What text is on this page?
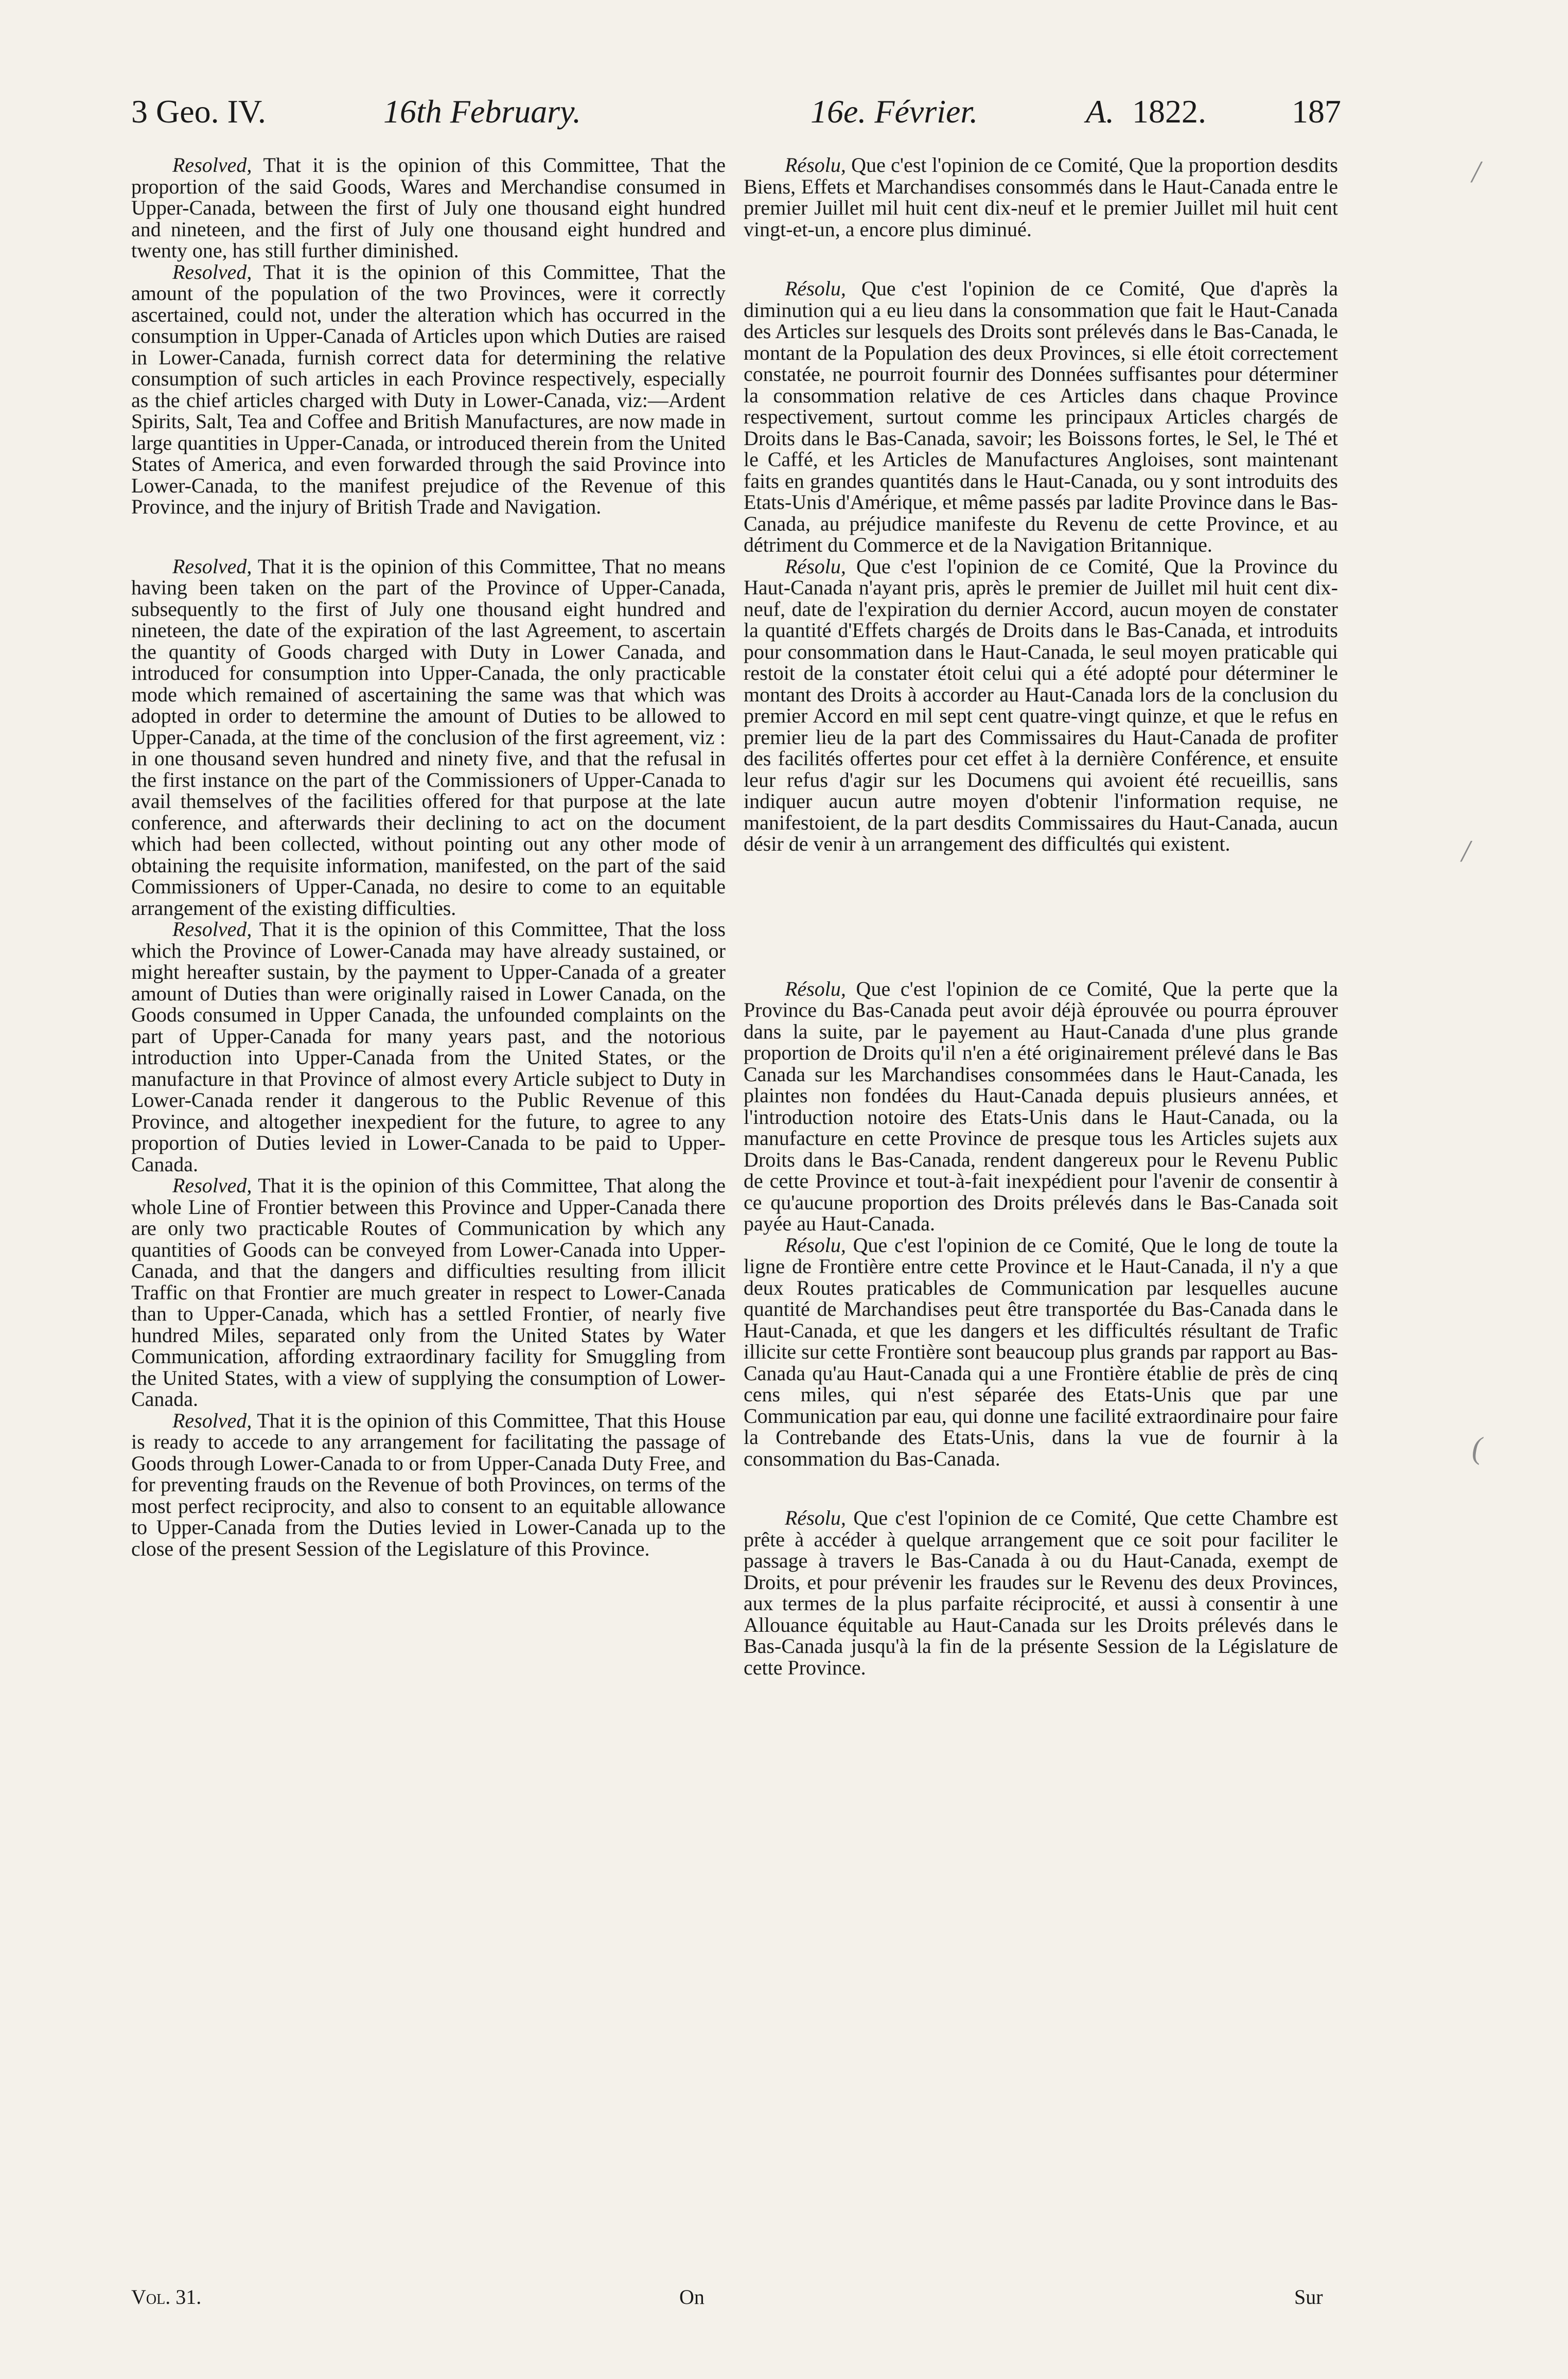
3 Geo. IV.	16th February.	16e. Février.	A. 1822.	187

Resolved, That it is the opinion of this Committee, That the proportion of the said Goods, Wares and Merchandise consumed in Upper-Canada, between the first of July one thousand eight hundred and nineteen, and the first of July one thousand eight hundred and twenty one, has still further diminished.

Resolved, That it is the opinion of this Committee, That the amount of the population of the two Provinces, were it correctly ascertained, could not, under the alteration which has occurred in the consumption in Upper-Canada of Articles upon which Duties are raised in Lower-Canada, furnish correct data for determining the relative consumption of such articles in each Province respectively, especially as the chief articles charged with Duty in Lower-Canada, viz:—Ardent Spirits, Salt, Tea and Coffee and British Manufactures, are now made in large quantities in Upper-Canada, or introduced therein from the United States of America, and even forwarded through the said Province into Lower-Canada, to the manifest prejudice of the Revenue of this Province, and the injury of British Trade and Navigation.

Resolved, That it is the opinion of this Committee, That no means having been taken on the part of the Province of Upper-Canada, subsequently to the first of July one thousand eight hundred and nineteen, the date of the expiration of the last Agreement, to ascertain the quantity of Goods charged with Duty in Lower Canada, and introduced for consumption into Upper-Canada, the only practicable mode which remained of ascertaining the same was that which was adopted in order to determine the amount of Duties to be allowed to Upper-Canada, at the time of the conclusion of the first agreement, viz : in one thousand seven hundred and ninety five, and that the refusal in the first instance on the part of the Commissioners of Upper-Canada to avail themselves of the facilities offered for that purpose at the late conference, and afterwards their declining to act on the document which had been collected, without pointing out any other mode of obtaining the requisite information, manifested, on the part of the said Commissioners of Upper-Canada, no desire to come to an equitable arrangement of the existing difficulties.

Resolved, That it is the opinion of this Committee, That the loss which the Province of Lower-Canada may have already sustained, or might hereafter sustain, by the payment to Upper-Canada of a greater amount of Duties than were originally raised in Lower Canada, on the Goods consumed in Upper Canada, the unfounded complaints on the part of Upper-Canada for many years past, and the notorious introduction into Upper-Canada from the United States, or the manufacture in that Province of almost every Article subject to Duty in Lower-Canada render it dangerous to the Public Revenue of this Province, and altogether inexpedient for the future, to agree to any proportion of Duties levied in Lower-Canada to be paid to Upper-Canada.

Resolved, That it is the opinion of this Committee, That along the whole Line of Frontier between this Province and Upper-Canada there are only two practicable Routes of Communication by which any quantities of Goods can be conveyed from Lower-Canada into Upper-Canada, and that the dangers and difficulties resulting from illicit Traffic on that Frontier are much greater in respect to Lower-Canada than to Upper-Canada, which has a settled Frontier, of nearly five hundred Miles, separated only from the United States by Water Communication, affording extraordinary facility for Smuggling from the United States, with a view of supplying the consumption of Lower-Canada.

Resolved, That it is the opinion of this Committee, That this House is ready to accede to any arrangement for facilitating the passage of Goods through Lower-Canada to or from Upper-Canada Duty Free, and for preventing frauds on the Revenue of both Provinces, on terms of the most perfect reciprocity, and also to consent to an equitable allowance to Upper-Canada from the Duties levied in Lower-Canada up to the close of the present Session of the Legislature of this Province.

Résolu, Que c'est l'opinion de ce Comité, Que la proportion desdits Biens, Effets et Marchandises consommés dans le Haut-Canada entre le premier Juillet mil huit cent dix-neuf et le premier Juillet mil huit cent vingt-et-un, a encore plus diminué.

Résolu, Que c'est l'opinion de ce Comité, Que d'après la diminution qui a eu lieu dans la consommation que fait le Haut-Canada des Articles sur lesquels des Droits sont prélevés dans le Bas-Canada, le montant de la Population des deux Provinces, si elle étoit correctement constatée, ne pourroit fournir des Données suffisantes pour déterminer la consommation relative de ces Articles dans chaque Province respectivement, surtout comme les principaux Articles chargés de Droits dans le Bas-Canada, savoir; les Boissons fortes, le Sel, le Thé et le Caffé, et les Articles de Manufactures Angloises, sont maintenant faits en grandes quantités dans le Haut-Canada, ou y sont introduits des Etats-Unis d'Amérique, et même passés par ladite Province dans le Bas-Canada, au préjudice manifeste du Revenu de cette Province, et au détriment du Commerce et de la Navigation Britannique.

Résolu, Que c'est l'opinion de ce Comité, Que la Province du Haut-Canada n'ayant pris, après le premier de Juillet mil huit cent dix-neuf, date de l'expiration du dernier Accord, aucun moyen de constater la quantité d'Effets chargés de Droits dans le Bas-Canada, et introduits pour consommation dans le Haut-Canada, le seul moyen praticable qui restoit de la constater étoit celui qui a été adopté pour déterminer le montant des Droits à accorder au Haut-Canada lors de la conclusion du premier Accord en mil sept cent quatre-vingt quinze, et que le refus en premier lieu de la part des Commissaires du Haut-Canada de profiter des facilités offertes pour cet effet à la dernière Conférence, et ensuite leur refus d'agir sur les Documens qui avoient été recueillis, sans indiquer aucun autre moyen d'obtenir l'information requise, ne manifestoient, de la part desdits Commissaires du Haut-Canada, aucun désir de venir à un arrangement des difficultés qui existent.

Résolu, Que c'est l'opinion de ce Comité, Que la perte que la Province du Bas-Canada peut avoir déjà éprouvée ou pourra éprouver dans la suite, par le payement au Haut-Canada d'une plus grande proportion de Droits qu'il n'en a été originairement prélevé dans le Bas Canada sur les Marchandises consommées dans le Haut-Canada, les plaintes non fondées du Haut-Canada depuis plusieurs années, et l'introduction notoire des Etats-Unis dans le Haut-Canada, ou la manufacture en cette Province de presque tous les Articles sujets aux Droits dans le Bas-Canada, rendent dangereux pour le Revenu Public de cette Province et tout-à-fait inexpédient pour l'avenir de consentir à ce qu'aucune proportion des Droits prélevés dans le Bas-Canada soit payée au Haut-Canada.

Résolu, Que c'est l'opinion de ce Comité, Que le long de toute la ligne de Frontière entre cette Province et le Haut-Canada, il n'y a que deux Routes praticables de Communication par lesquelles aucune quantité de Marchandises peut être transportée du Bas-Canada dans le Haut-Canada, et que les dangers et les difficultés résultant de Trafic illicite sur cette Frontière sont beaucoup plus grands par rapport au Bas-Canada qu'au Haut-Canada qui a une Frontière établie de près de cinq cens miles, qui n'est séparée des Etats-Unis que par une Communication par eau, qui donne une facilité extraordinaire pour faire la Contrebande des Etats-Unis, dans la vue de fournir à la consommation du Bas-Canada.

Résolu, Que c'est l'opinion de ce Comité, Que cette Chambre est prête à accéder à quelque arrangement que ce soit pour faciliter le passage à travers le Bas-Canada à ou du Haut-Canada, exempt de Droits, et pour prévenir les fraudes sur le Revenu des deux Provinces, aux termes de la plus parfaite réciprocité, et aussi à consentir à une Allouance équitable au Haut-Canada sur les Droits prélevés dans le Bas-Canada jusqu'à la fin de la présente Session de la Législature de cette Province.

/
(
/
Vol. 31.	On	Sur
